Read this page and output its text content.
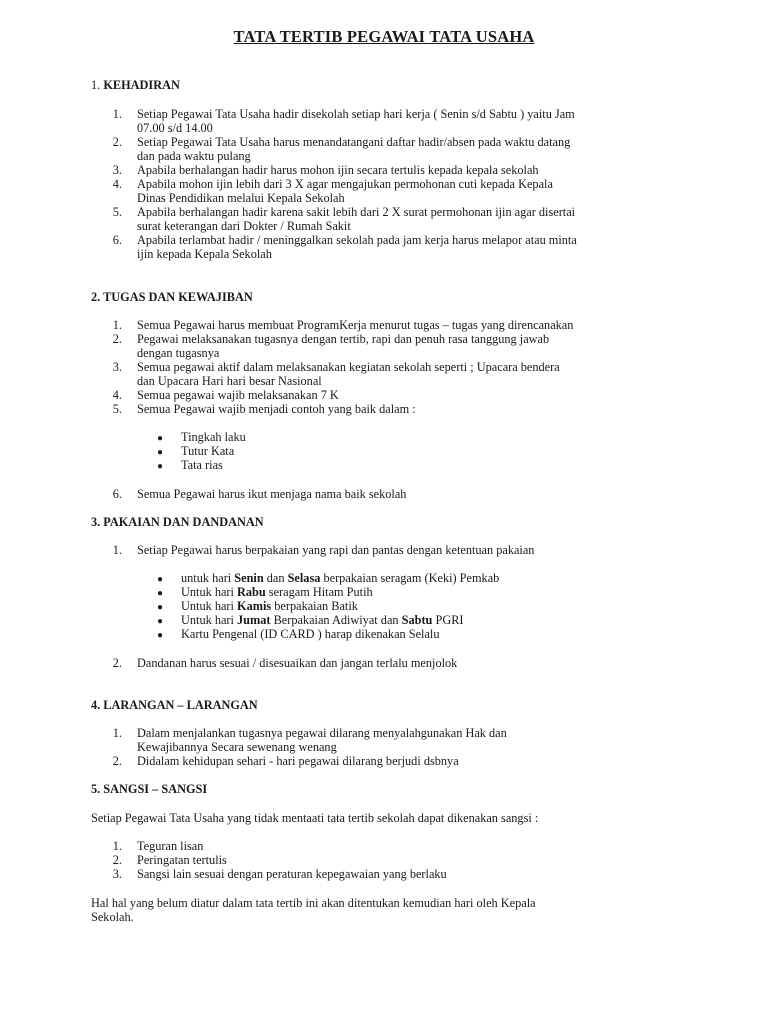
TATA TERTIB PEGAWAI TATA USAHA
1. KEHADIRAN
1. Setiap Pegawai Tata Usaha hadir disekolah setiap hari kerja ( Senin s/d Sabtu ) yaitu Jam
07.00 s/d 14.00
2. Setiap Pegawai Tata Usaha harus menandatangani daftar hadir/absen pada waktu datang
dan pada waktu pulang
3. Apabila berhalangan hadir harus mohon ijin secara tertulis kepada kepala sekolah
4. Apabila mohon ijin lebih dari 3 X agar mengajukan permohonan cuti kepada Kepala
Dinas Pendidikan melalui Kepala Sekolah
5. Apabila berhalangan hadir karena sakit lebih dari 2 X surat permohonan ijin agar disertai
surat keterangan dari Dokter / Rumah Sakit
6. Apabila terlambat hadir / meninggalkan sekolah pada jam kerja harus melapor atau minta
ijin kepada Kepala Sekolah
2. TUGAS DAN KEWAJIBAN
1. Semua Pegawai harus membuat ProgramKerja menurut tugas – tugas yang direncanakan
2. Pegawai melaksanakan tugasnya dengan tertib, rapi dan penuh rasa tanggung jawab
dengan tugasnya
3. Semua pegawai aktif dalam melaksanakan kegiatan sekolah seperti ; Upacara bendera
dan Upacara Hari hari besar Nasional
4. Semua pegawai wajib melaksanakan 7 K
5. Semua Pegawai wajib menjadi contoh yang baik dalam :
● Tingkah laku
● Tutur Kata
● Tata rias
6. Semua Pegawai harus ikut menjaga nama baik sekolah
3. PAKAIAN DAN DANDANAN
1. Setiap Pegawai harus berpakaian yang rapi dan pantas dengan ketentuan pakaian
● untuk hari Senin dan Selasa berpakaian seragam (Keki) Pemkab
● Untuk hari Rabu seragam Hitam Putih
● Untuk hari Kamis berpakaian Batik
● Untuk hari Jumat Berpakaian Adiwiyat dan Sabtu PGRI
● Kartu Pengenal (ID CARD ) harap dikenakan Selalu
2. Dandanan harus sesuai / disesuaikan dan jangan terlalu menjolok
4. LARANGAN – LARANGAN
1. Dalam menjalankan tugasnya pegawai dilarang menyalahgunakan Hak dan
Kewajibannya Secara sewenang wenang
2. Didalam kehidupan sehari - hari pegawai dilarang berjudi dsbnya
5. SANGSI – SANGSI
Setiap Pegawai Tata Usaha yang tidak mentaati tata tertib sekolah dapat dikenakan sangsi :
1. Teguran lisan
2. Peringatan tertulis
3. Sangsi lain sesuai dengan peraturan kepegawaian yang berlaku
Hal hal yang belum diatur dalam tata tertib ini akan ditentukan kemudian hari oleh Kepala
Sekolah.
